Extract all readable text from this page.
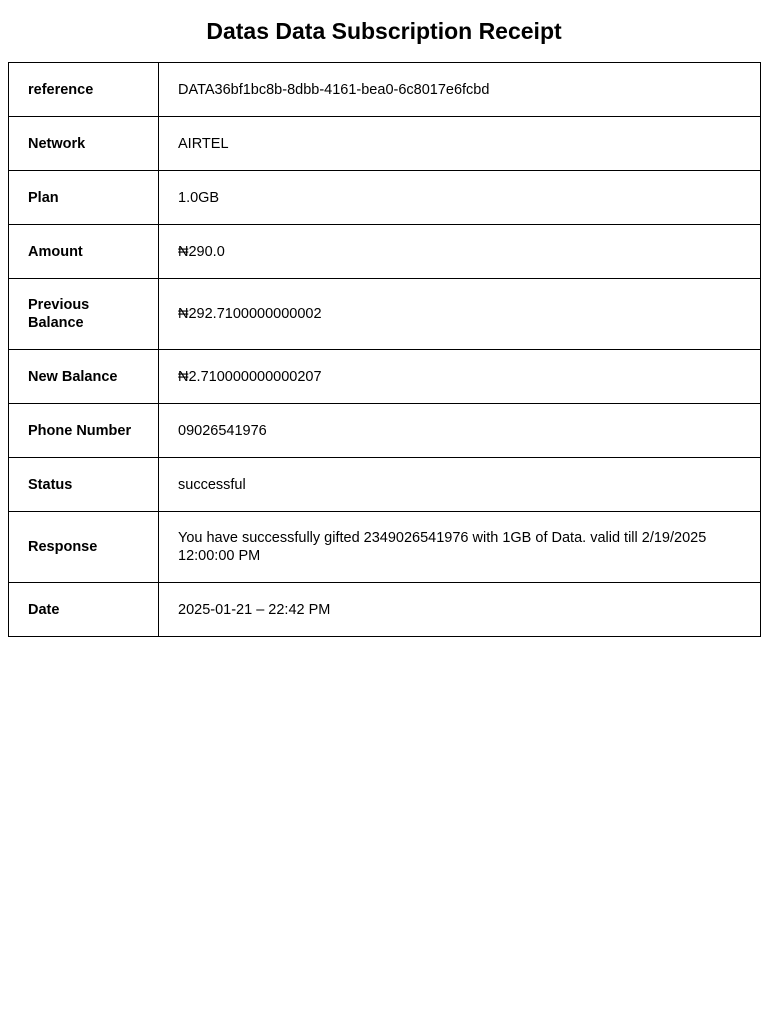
Datas Data Subscription Receipt
reference	DATA36bf1bc8b-8dbb-4161-bea0-6c8017e6fcbd
Network	AIRTEL
Plan	1.0GB
Amount	₦290.0
Previous Balance	₦292.7100000000002
New Balance	₦2.710000000000207
Phone Number	09026541976
Status	successful
Response	You have successfully gifted 2349026541976 with 1GB of Data. valid till 2/19/2025 12:00:00 PM
Date	2025-01-21 – 22:42 PM
